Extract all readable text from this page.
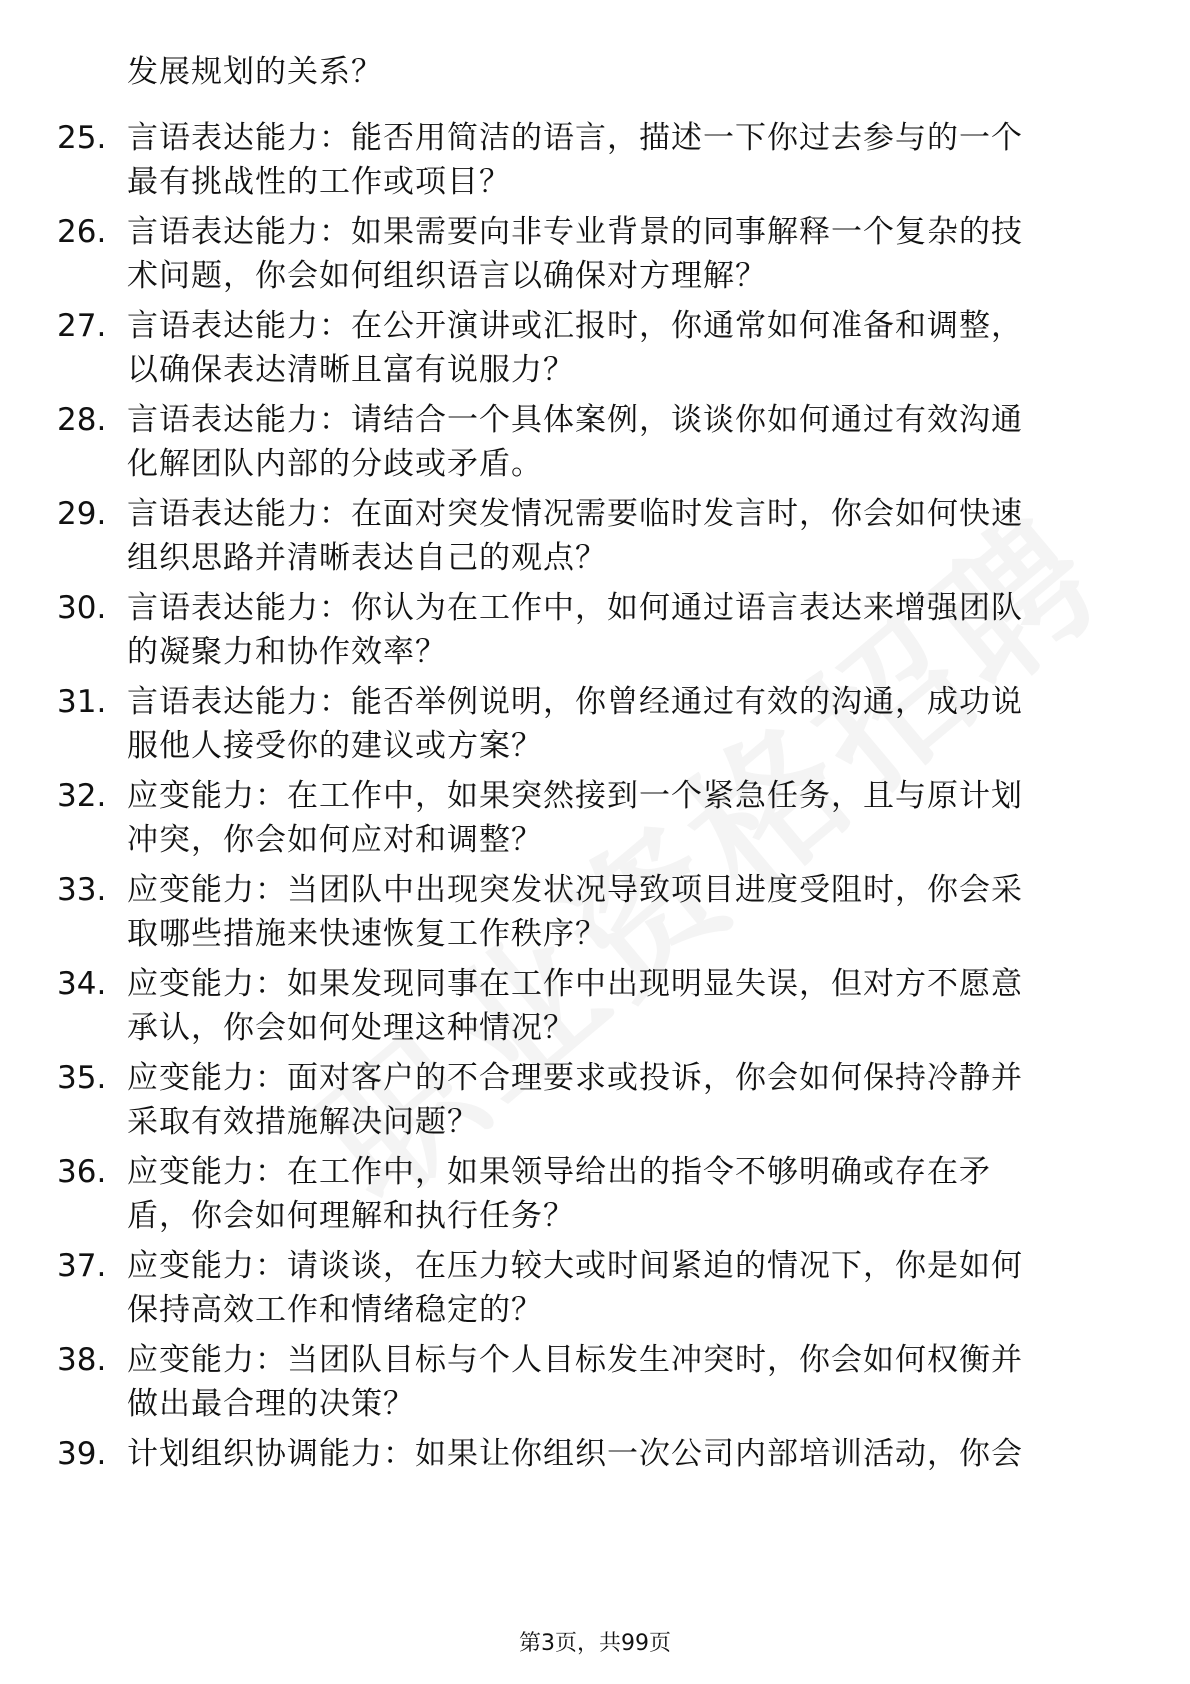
发展规划的关系？
25. 言语表达能力：能否用简洁的语言，描述一下你过去参与的一个
最有挑战性的工作或项目？
26. 言语表达能力：如果需要向非专业背景的同事解释一个复杂的技
术问题，你会如何组织语言以确保对方理解？
27. 言语表达能力：在公开演讲或汇报时，你通常如何准备和调整，
以确保表达清晰且富有说服力？
28. 言语表达能力：请结合一个具体案例，谈谈你如何通过有效沟通
化解团队内部的分歧或矛盾。
29. 言语表达能力：在面对突发情况需要临时发言时，你会如何快速
组织思路并清晰表达自己的观点？
30. 言语表达能力：你认为在工作中，如何通过语言表达来增强团队
的凝聚力和协作效率？
31. 言语表达能力：能否举例说明，你曾经通过有效的沟通，成功说
服他人接受你的建议或方案？
32. 应变能力：在工作中，如果突然接到一个紧急任务，且与原计划
冲突，你会如何应对和调整？
33. 应变能力：当团队中出现突发状况导致项目进度受阻时，你会采
取哪些措施来快速恢复工作秩序？
34. 应变能力：如果发现同事在工作中出现明显失误，但对方不愿意
承认，你会如何处理这种情况？
35. 应变能力：面对客户的不合理要求或投诉，你会如何保持冷静并
采取有效措施解决问题？
36. 应变能力：在工作中，如果领导给出的指令不够明确或存在矛
盾，你会如何理解和执行任务？
37. 应变能力：请谈谈，在压力较大或时间紧迫的情况下，你是如何
保持高效工作和情绪稳定的？
38. 应变能力：当团队目标与个人目标发生冲突时，你会如何权衡并
做出最合理的决策？
39. 计划组织协调能力：如果让你组织一次公司内部培训活动，你会
第3页，共99页
